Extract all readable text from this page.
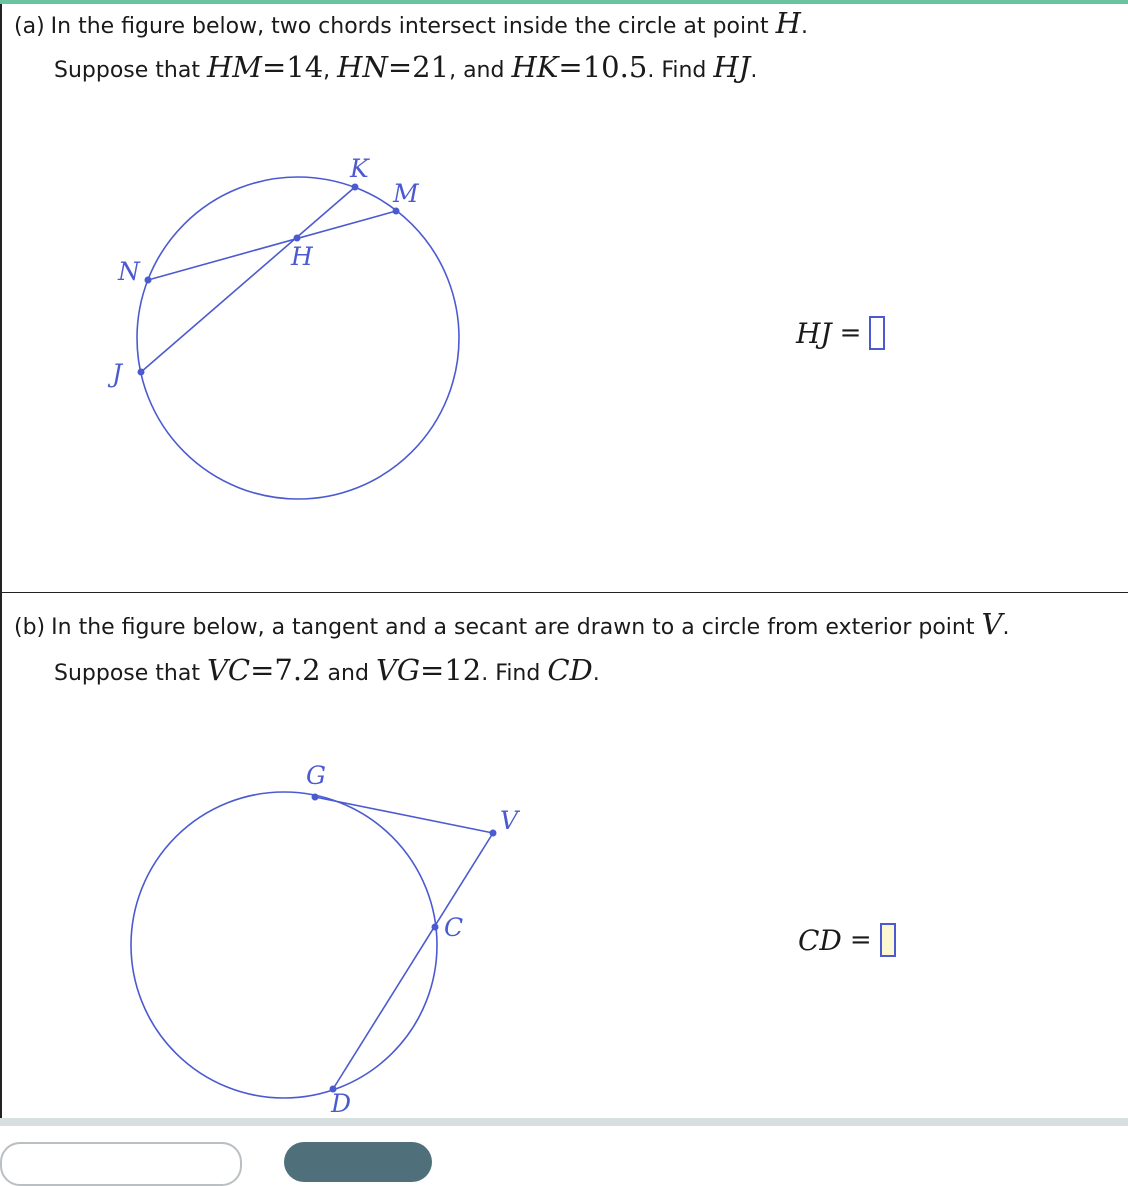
(a) In the figure below, two chords intersect inside the circle at point H.
Suppose that HM=14, HN=21, and HK=10.5. Find HJ.
K
M
H
N
J
HJ =
(b) In the figure below, a tangent and a secant are drawn to a circle from exterior point V.
Suppose that VC=7.2 and VG=12. Find CD.
G
V
C
D
CD =
